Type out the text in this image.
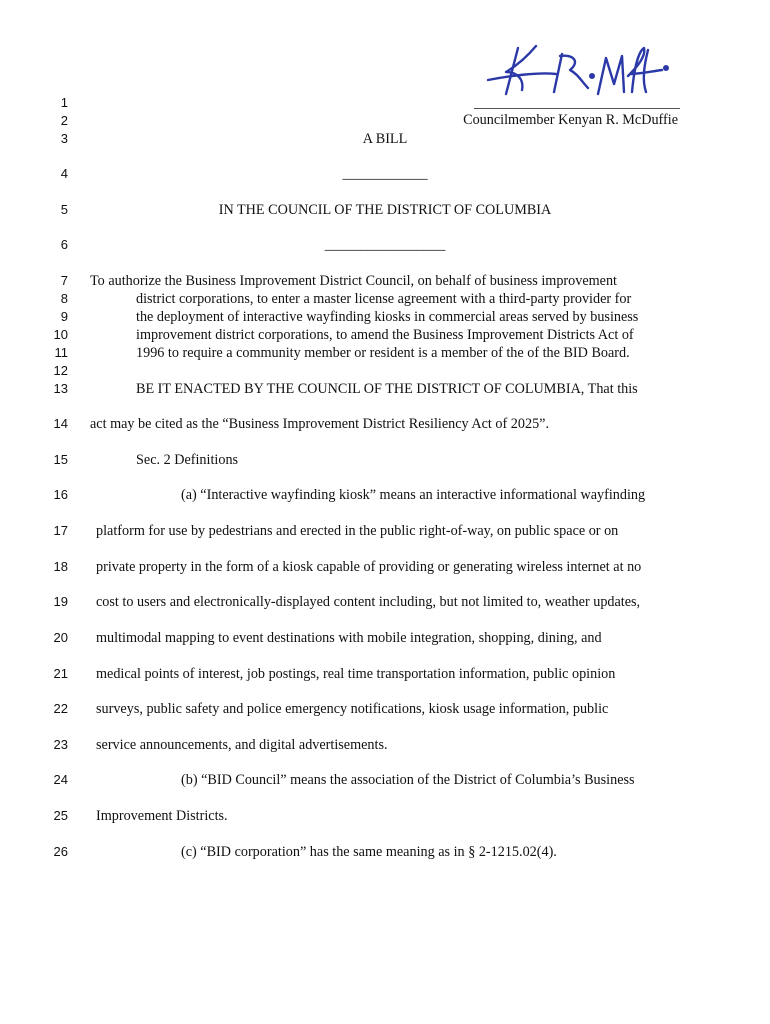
1
2
3
4
5
6
7
8
9
10
11
12
13
14
15
16
17
18
19
20
21
22
23
24
25
26
Councilmember Kenyan R. McDuffie
A BILL
____________
IN THE COUNCIL OF THE DISTRICT OF COLUMBIA
_________________
To authorize the Business Improvement District Council, on behalf of business improvement
district corporations, to enter a master license agreement with a third-party provider for
the deployment of interactive wayfinding kiosks in commercial areas served by business
improvement district corporations, to amend the Business Improvement Districts Act of
1996 to require a community member or resident is a member of the of the BID Board.
BE IT ENACTED BY THE COUNCIL OF THE DISTRICT OF COLUMBIA, That this
act may be cited as the “Business Improvement District Resiliency Act of 2025”.
Sec. 2 Definitions
(a) “Interactive wayfinding kiosk” means an interactive informational wayfinding
platform for use by pedestrians and erected in the public right-of-way, on public space or on
private property in the form of a kiosk capable of providing or generating wireless internet at no
cost to users and electronically-displayed content including, but not limited to, weather updates,
multimodal mapping to event destinations with mobile integration, shopping, dining, and
medical points of interest, job postings, real time transportation information, public opinion
surveys, public safety and police emergency notifications, kiosk usage information, public
service announcements, and digital advertisements.
(b) “BID Council” means the association of the District of Columbia’s Business
Improvement Districts.
(c) “BID corporation” has the same meaning as in § 2-1215.02(4).
